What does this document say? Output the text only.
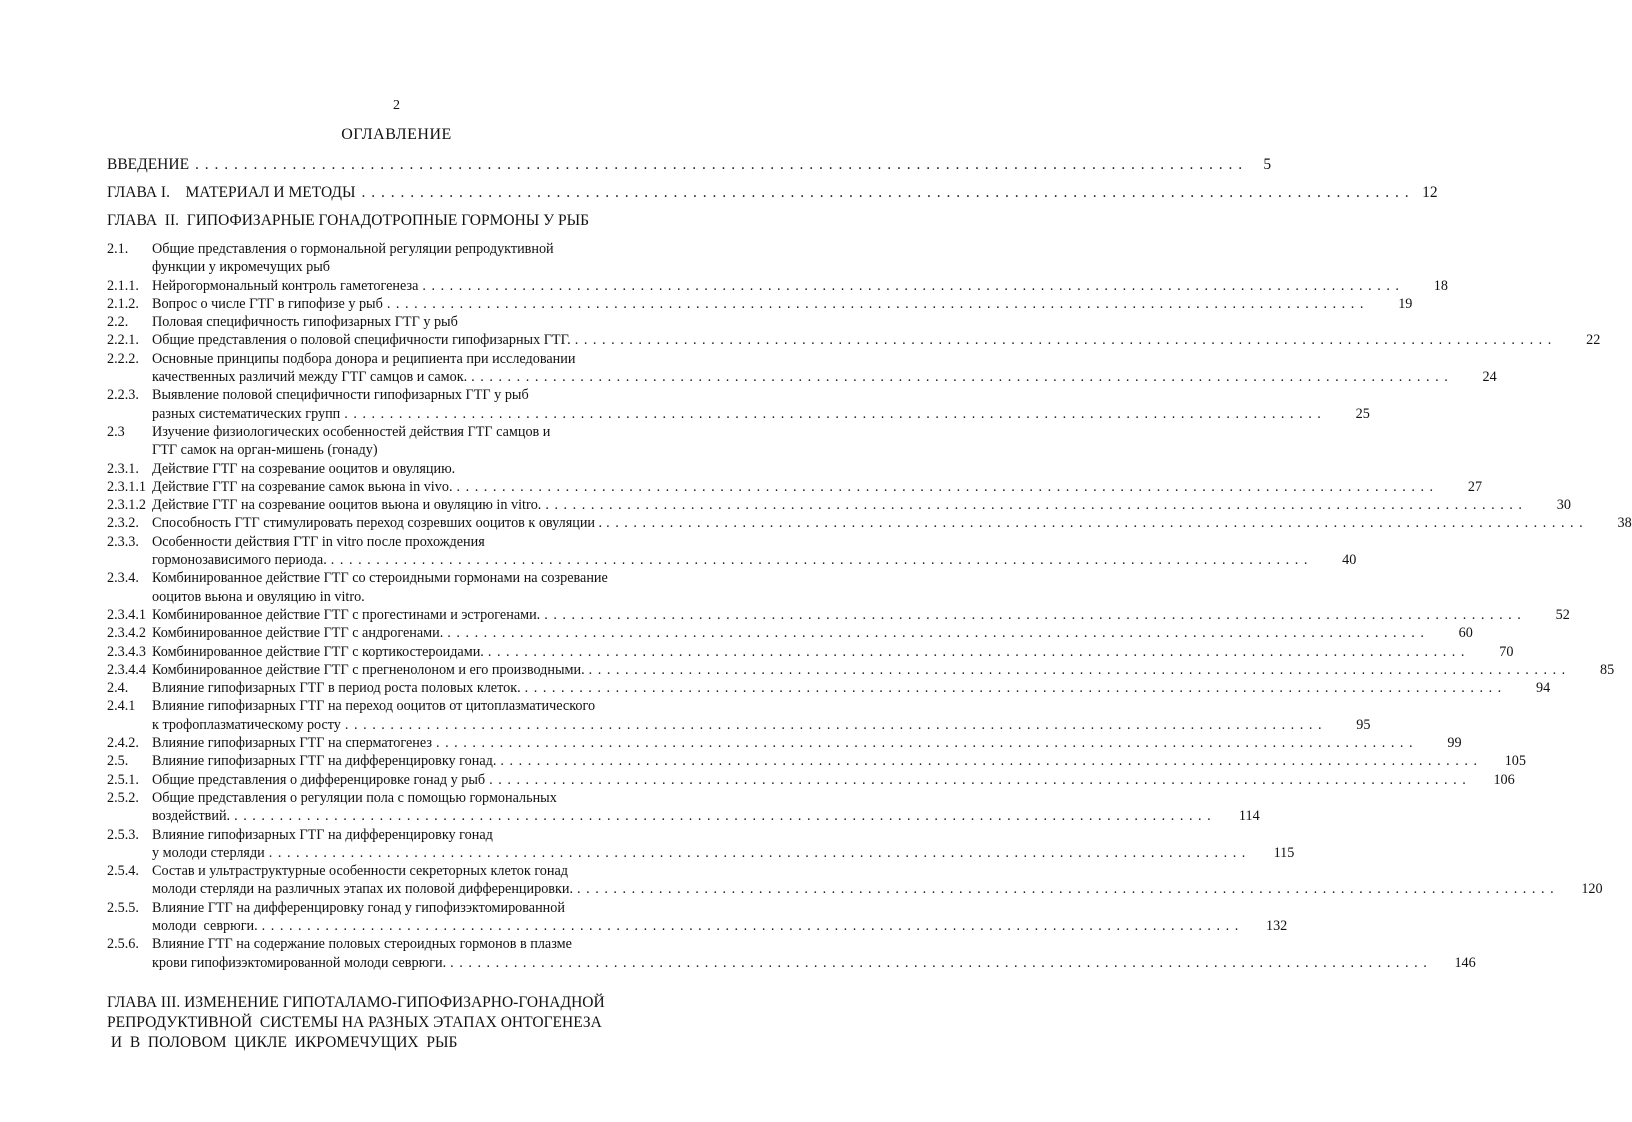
2
ОГЛАВЛЕНИЕ
ВВЕДЕНИЕ . . .	5
ГЛАВА I.    МАТЕРИАЛ И МЕТОДЫ . . .	12
ГЛАВА  II.  ГИПОФИЗАРНЫЕ ГОНАДОТРОПНЫЕ ГОРМОНЫ У РЫБ
2.1.	Общие представления о гормональной регуляции репродуктивной
функции у икромечущих рыб
2.1.1. Нейрогормональный контроль гаметогенеза . . .	18
2.1.2. Вопрос о числе ГТГ в гипофизе у рыб . . .	19
2.2.	Половая специфичность гипофизарных ГТГ у рыб
2.2.1. Общие представления о половой специфичности гипофизарных ГТГ. . . .	22
2.2.2. Основные принципы подбора донора и реципиента при исследовании
качественных различий между ГТГ самцов и самок. . . .	24
2.2.3. Выявление половой специфичности гипофизарных ГТГ у рыб
разных систематических групп . . .	25
2.3	Изучение физиологических особенностей действия ГТГ самцов и
ГТГ самок на орган-мишень (гонаду)
2.3.1. Действие ГТГ на созревание ооцитов и овуляцию.
2.3.1.1 Действие ГТГ на созревание самок вьюна in vivo. . . .	27
2.3.1.2 Действие ГТГ на созревание ооцитов вьюна и овуляцию in vitro. . . .	30
2.3.2. Способность ГТГ стимулировать переход созревших ооцитов к овуляции . . . .	38
2.3.3. Особенности действия ГТГ in vitro после прохождения
гормонозависимого периода. . . .	40
2.3.4. Комбинированное действие ГТГ со стероидными гормонами на созревание
ооцитов вьюна и овуляцию in vitro.
2.3.4.1 Комбинированное действие ГТГ с прогестинами и эстрогенами. . . .	52
2.3.4.2 Комбинированное действие ГТГ с андрогенами. . . .	60
2.3.4.3 Комбинированное действие ГТГ с кортикостероидами. . . .	70
2.3.4.4 Комбинированное действие ГТГ с прегненолоном и его производными. . . .	85
2.4.	Влияние гипофизарных ГТГ в период роста половых клеток. . . .	94
2.4.1	Влияние гипофизарных ГТГ на переход ооцитов от цитоплазматического
к трофоплазматическому росту . . .	95
2.4.2. Влияние гипофизарных ГТГ на сперматогенез . . .	99
2.5.	Влияние гипофизарных ГТГ на дифференцировку гонад. . . .	105
2.5.1. Общие представления о дифференцировке гонад у рыб . . .	106
2.5.2. Общие представления о регуляции пола с помощью гормональных
воздействий. . . .	114
2.5.3. Влияние гипофизарных ГТГ на дифференцировку гонад
у молоди стерляди . . .	115
2.5.4. Состав и ультраструктурные особенности секреторных клеток гонад
молоди стерляди на различных этапах их половой дифференцировки. . . .	120
2.5.5. Влияние ГТГ на дифференцировку гонад у гипофизэктомированной
молоди  севрюги. . . .	132
2.5.6. Влияние ГТГ на содержание половых стероидных гормонов в плазме
крови гипофизэктомированной молоди севрюги. . . .	146
ГЛАВА III. ИЗМЕНЕНИЕ ГИПОТАЛАМО-ГИПОФИЗАРНО-ГОНАДНОЙ
РЕПРОДУКТИВНОЙ  СИСТЕМЫ НА РАЗНЫХ ЭТАПАХ ОНТОГЕНЕЗА
И  В  ПОЛОВОМ  ЦИКЛЕ  ИКРОМЕЧУЩИХ  РЫБ
